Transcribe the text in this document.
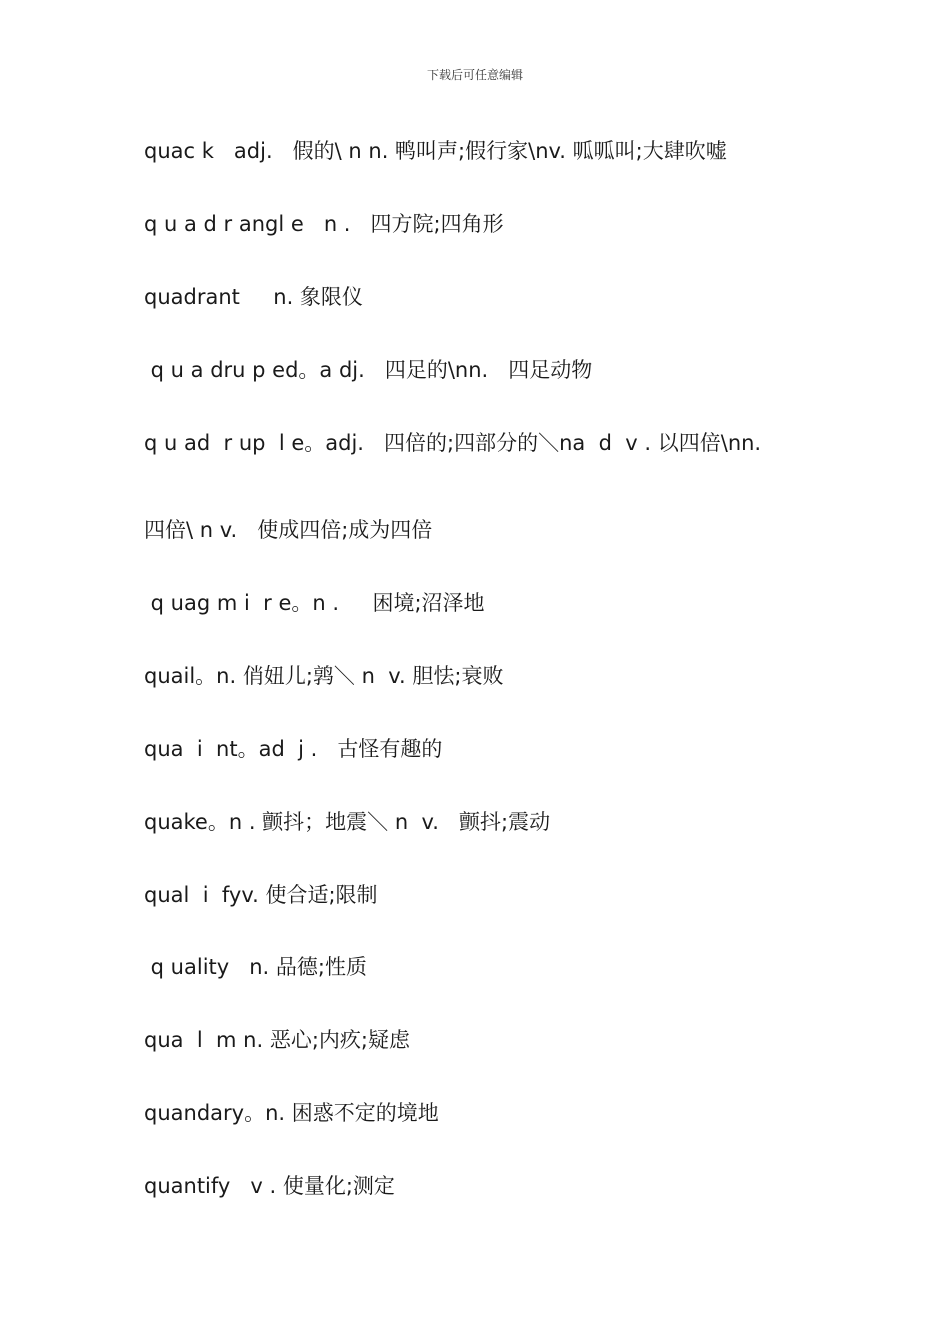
下载后可任意编辑
quac k   adj.   假的\ n n. 鸭叫声;假行家\nv. 呱呱叫;大肆吹嘘
q u a d r angl e   n .   四方院;四角形
quadrant     n. 象限仪
q u a dru p ed。a dj.   四足的\nn.   四足动物
q u ad  r up  l e。adj.   四倍的;四部分的＼na  d  v . 以四倍\nn.
四倍\ n v.   使成四倍;成为四倍
q uag m i  r e。n .     困境;沼泽地
quail。n. 俏妞儿;鹑＼ n  v. 胆怯;衰败
qua  i  nt。ad  j .   古怪有趣的
quake。n . 颤抖；地震＼ n  v.   颤抖;震动
qual  i  fyv. 使合适;限制
q uality   n. 品德;性质
qua  l  m n. 恶心;内疚;疑虑
quandary。n. 困惑不定的境地
quantify   v . 使量化;测定
